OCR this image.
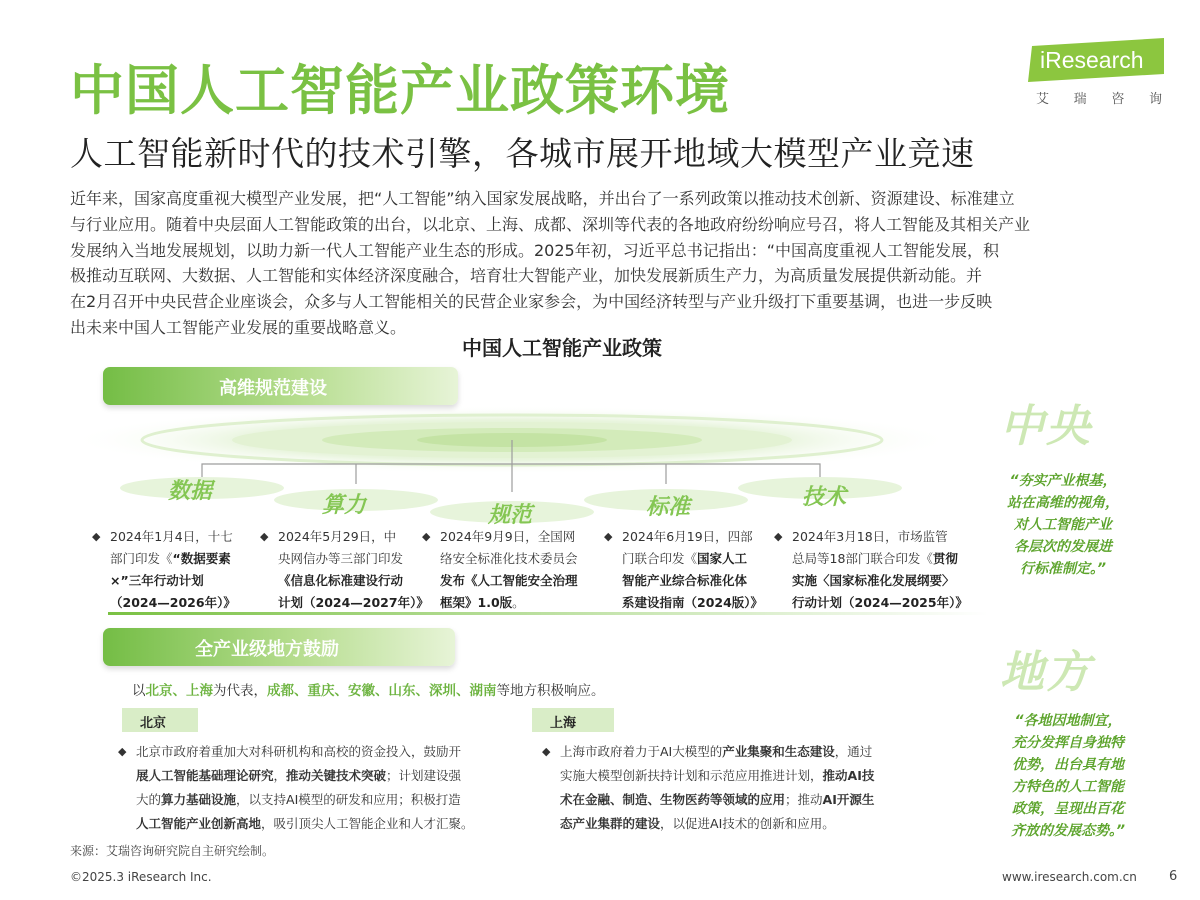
中国人工智能产业政策环境
人工智能新时代的技术引擎，各城市展开地域大模型产业竞速
iResearch
艾 瑞 咨 询
近年来，国家高度重视大模型产业发展，把“人工智能”纳入国家发展战略，并出台了一系列政策以推动技术创新、资源建设、标准建立
与行业应用。随着中央层面人工智能政策的出台，以北京、上海、成都、深圳等代表的各地政府纷纷响应号召，将人工智能及其相关产业
发展纳入当地发展规划，以助力新一代人工智能产业生态的形成。2025年初，习近平总书记指出：“中国高度重视人工智能发展，积
极推动互联网、大数据、人工智能和实体经济深度融合，培育壮大智能产业，加快发展新质生产力，为高质量发展提供新动能。并
在2月召开中央民营企业座谈会，众多与人工智能相关的民营企业家参会，为中国经济转型与产业升级打下重要基调，也进一步反映
出未来中国人工智能产业发展的重要战略意义。
中国人工智能产业政策
数据
算力	规范	标准	技术
高维规范建设
◆ 2024年1月4日，十七
部门印发《“数据要素
×”三年行动计划
（2024—2026年）》
◆ 2024年5月29日，中
央网信办等三部门印发
《信息化标准建设行动
计划（2024—2027年）》
◆ 2024年9月9日，全国网
络安全标准化技术委员会
发布《人工智能安全治理
框架》1.0版。
◆ 2024年6月19日，四部
门联合印发《国家人工
智能产业综合标准化体
系建设指南（2024版）》
◆ 2024年3月18日，市场监管
总局等18部门联合印发《贯彻
实施〈国家标准化发展纲要〉
行动计划（2024—2025年）》
中央
“夯实产业根基，
站在高维的视角，
对人工智能产业
各层次的发展进
行标准制定。”
全产业级地方鼓励
以北京、上海为代表，成都、重庆、安徽、山东、深圳、湖南等地方积极响应。
北京	上海
◆ 北京市政府着重加大对科研机构和高校的资金投入，鼓励开
展人工智能基础理论研究，推动关键技术突破；计划建设强
大的算力基础设施，以支持AI模型的研发和应用；积极打造
人工智能产业创新高地，吸引顶尖人工智能企业和人才汇聚。
◆ 上海市政府着力于AI大模型的产业集聚和生态建设，通过
实施大模型创新扶持计划和示范应用推进计划，推动AI技
术在金融、制造、生物医药等领域的应用；推动AI开源生
态产业集群的建设，以促进AI技术的创新和应用。
地方
“各地因地制宜，
充分发挥自身独特
优势，出台具有地
方特色的人工智能
政策，呈现出百花
齐放的发展态势。”
来源：艾瑞咨询研究院自主研究绘制。
©2025.3 iResearch Inc.	www.iresearch.com.cn 6
